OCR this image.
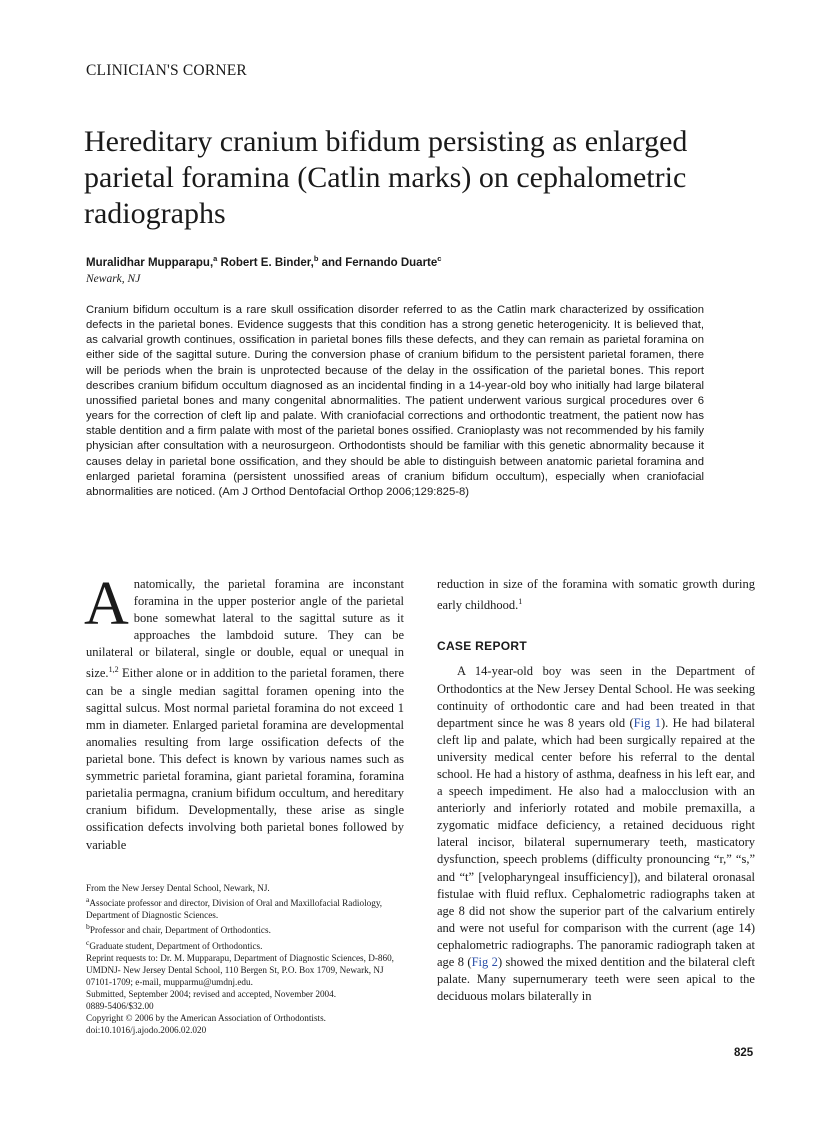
CLINICIAN'S CORNER
Hereditary cranium bifidum persisting as enlarged parietal foramina (Catlin marks) on cephalometric radiographs
Muralidhar Mupparapu,$^a$ Robert E. Binder,$^b$ and Fernando Duarte$^c$
Newark, NJ

Cranium bifidum occultum is a rare skull ossification disorder referred to as the Catlin mark characterized by ossification defects in the parietal bones. Evidence suggests that this condition has a strong genetic heterogenicity. It is believed that, as calvarial growth continues, ossification in parietal bones fills these defects, and they can remain as parietal foramina on either side of the sagittal suture. During the conversion phase of cranium bifidum to the persistent parietal foramen, there will be periods when the brain is unprotected because of the delay in the ossification of the parietal bones. This report describes cranium bifidum occultum diagnosed as an incidental finding in a 14-year-old boy who initially had large bilateral unossified parietal bones and many congenital abnormalities. The patient underwent various surgical procedures over 6 years for the correction of cleft lip and palate. With craniofacial corrections and orthodontic treatment, the patient now has stable dentition and a firm palate with most of the parietal bones ossified. Cranioplasty was not recommended by his family physician after consultation with a neurosurgeon. Orthodontists should be familiar with this genetic abnormality because it causes delay in parietal bone ossification, and they should be able to distinguish between anatomic parietal foramina and enlarged parietal foramina (persistent unossified areas of cranium bifidum occultum), especially when craniofacial abnormalities are noticed. (Am J Orthod Dentofacial Orthop 2006;129:825-8)

Anatomically, the parietal foramina are inconstant foramina in the upper posterior angle of the parietal bone somewhat lateral to the sagittal suture as it approaches the lambdoid suture. They can be unilateral or bilateral, single or double, equal or unequal in size.$^{1,2}$ Either alone or in addition to the parietal foramen, there can be a single median sagittal foramen opening into the sagittal sulcus. Most normal parietal foramina do not exceed 1 mm in diameter. Enlarged parietal foramina are developmental anomalies resulting from large ossification defects of the parietal bone. This defect is known by various names such as symmetric parietal foramina, giant parietal foramina, foramina parietalia permagna, cranium bifidum occultum, and hereditary cranium bifidum. Developmentally, these arise as single ossification defects involving both parietal bones followed by variable

From the New Jersey Dental School, Newark, NJ.
$^a$Associate professor and director, Division of Oral and Maxillofacial Radiology, Department of Diagnostic Sciences.
$^b$Professor and chair, Department of Orthodontics.
$^c$Graduate student, Department of Orthodontics.
Reprint requests to: Dr. M. Mupparapu, Department of Diagnostic Sciences, D-860, UMDNJ- New Jersey Dental School, 110 Bergen St, P.O. Box 1709, Newark, NJ 07101-1709; e-mail, mupparmu@umdnj.edu.
Submitted, September 2004; revised and accepted, November 2004.
0889-5406/$32.00
Copyright © 2006 by the American Association of Orthodontists.
doi:10.1016/j.ajodo.2006.02.020

reduction in size of the foramina with somatic growth during early childhood.$^1$

CASE REPORT

A 14-year-old boy was seen in the Department of Orthodontics at the New Jersey Dental School. He was seeking continuity of orthodontic care and had been treated in that department since he was 8 years old (Fig 1). He had bilateral cleft lip and palate, which had been surgically repaired at the university medical center before his referral to the dental school. He had a history of asthma, deafness in his left ear, and a speech impediment. He also had a malocclusion with an anteriorly and inferiorly rotated and mobile premaxilla, a zygomatic midface deficiency, a retained deciduous right lateral incisor, bilateral supernumerary teeth, masticatory dysfunction, speech problems (difficulty pronouncing “r,” “s,” and “t” [velopharyngeal insufficiency]), and bilateral oronasal fistulae with fluid reflux. Cephalometric radiographs taken at age 8 did not show the superior part of the calvarium entirely and were not useful for comparison with the current (age 14) cephalometric radiographs. The panoramic radiograph taken at age 8 (Fig 2) showed the mixed dentition and the bilateral cleft palate. Many supernumerary teeth were seen apical to the deciduous molars bilaterally in

825
